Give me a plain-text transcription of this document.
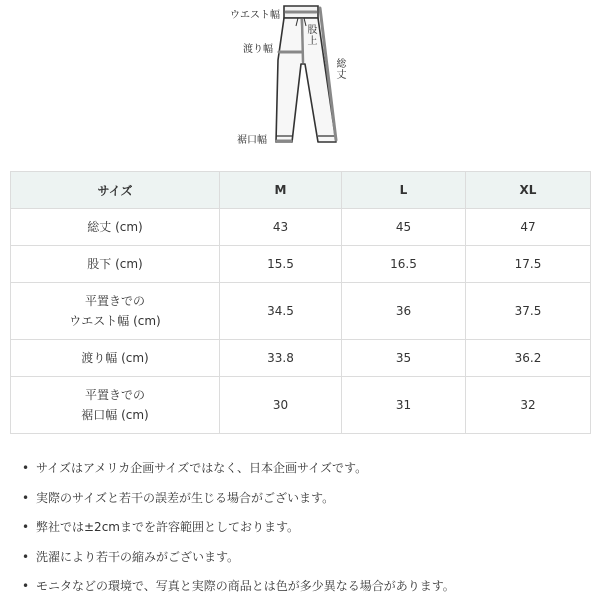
ウエスト幅
渡り幅
裾口幅
股上
総丈
サイズ	M	L	XL
総丈 (cm)	43	45	47
股下 (cm)	15.5	16.5	17.5

平置きでの
ウエスト幅 (cm)	34.5	36	37.5
渡り幅 (cm)	33.8	35	36.2

平置きでの
裾口幅 (cm)	30	31	32
• サイズはアメリカ企画サイズではなく、日本企画サイズです。
• 実際のサイズと若干の誤差が生じる場合がございます。
• 弊社では±2cmまでを許容範囲としております。
• 洗濯により若干の縮みがございます。
• モニタなどの環境で、写真と実際の商品とは色が多少異なる場合があります。
